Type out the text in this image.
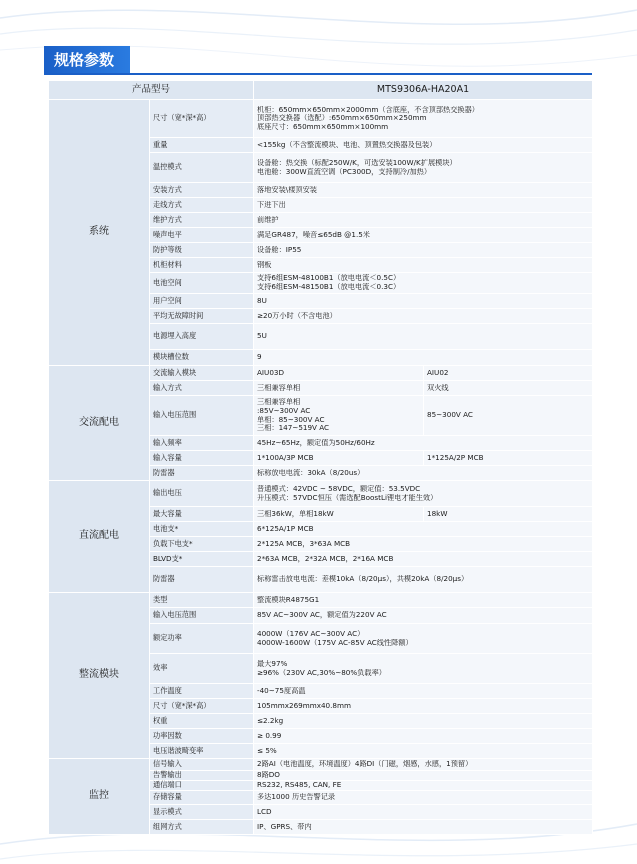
规格参数
产品型号		MTS9306A-HA20A1	
系统	尺寸（宽*深*高）	机柜：650mm×650mm×2000mm（含底座，不含顶部热交换器）
顶部热交换器（选配）:650mm×650mm×250mm
底座尺寸：650mm×650mm×100mm	

	重量	<155kg（不含整流模块、电池、顶置热交换器及包装）	

	温控模式	设备舱：热交换（标配250W/K，可选安装100W/K扩展模块）
电池舱：300W直流空调（PC300D，支持制冷/加热）	

	安装方式	落地安装\楼顶安装	

	走线方式	下进下出	

	维护方式	前维护	

	噪声电平	满足GR487，噪音≤65dB @1.5米	

	防护等级	设备舱：IP55	

	机柜材料	钢板	

	电池空间	支持6组ESM-48100B1（放电电流＜0.5C）
支持6组ESM-48150B1（放电电流＜0.3C）	

	用户空间	8U	

	平均无故障时间	≥20万小时（不含电池）	

	电源埋入高度	5U	

	模块槽位数	9	

交流配电	交流输入模块	AIU03D	AIU02

	输入方式	三相兼容单相	双火线

	输入电压范围	三相兼容单相
:85V~300V AC
单相：85~300V AC
三相：147~519V AC	85~300V AC

	输入频率	45Hz~65Hz，额定值为50Hz/60Hz	

	输入容量	1*100A/3P MCB	1*125A/2P MCB

	防雷器	标称放电电流：30kA（8/20us）	

直流配电	输出电压	普通模式：42VDC ~ 58VDC，额定值：53.5VDC
升压模式：57VDC恒压（需选配BoostLi锂电才能生效）	

	最大容量	三相36kW，单相18kW	18kW

	电池支*	6*125A/1P MCB	

	负载下电支*	2*125A MCB，3*63A MCB	

	BLVD支*	2*63A MCB，2*32A MCB，2*16A MCB	

	防雷器	标称雷击放电电流：差模10kA（8/20μs），共模20kA（8/20μs）	

整流模块	类型	整流模块R4875G1	

	输入电压范围	85V AC~300V AC，额定值为220V AC	

	额定功率	4000W（176V AC~300V AC）
4000W-1600W（175V AC-85V AC线性降额）	

	效率	最大97%
≥96%（230V AC,30%~80%负载率）	

	工作温度	-40~75度高温	

	尺寸（宽*深*高）	105mmx269mmx40.8mm	

	权重	≤2.2kg	

	功率因数	≥ 0.99	

	电压谐波畸变率	≤ 5%	

监控	信号输入	2路AI（电池温度，环境温度）4路DI（门磁，烟感，水感，1预留）	

	告警输出	8路DO	

	通信端口	RS232, RS485, CAN, FE	

	存储容量	多达1000 历史告警记录	

	显示模式	LCD	

	组网方式	IP、GPRS、带内	
